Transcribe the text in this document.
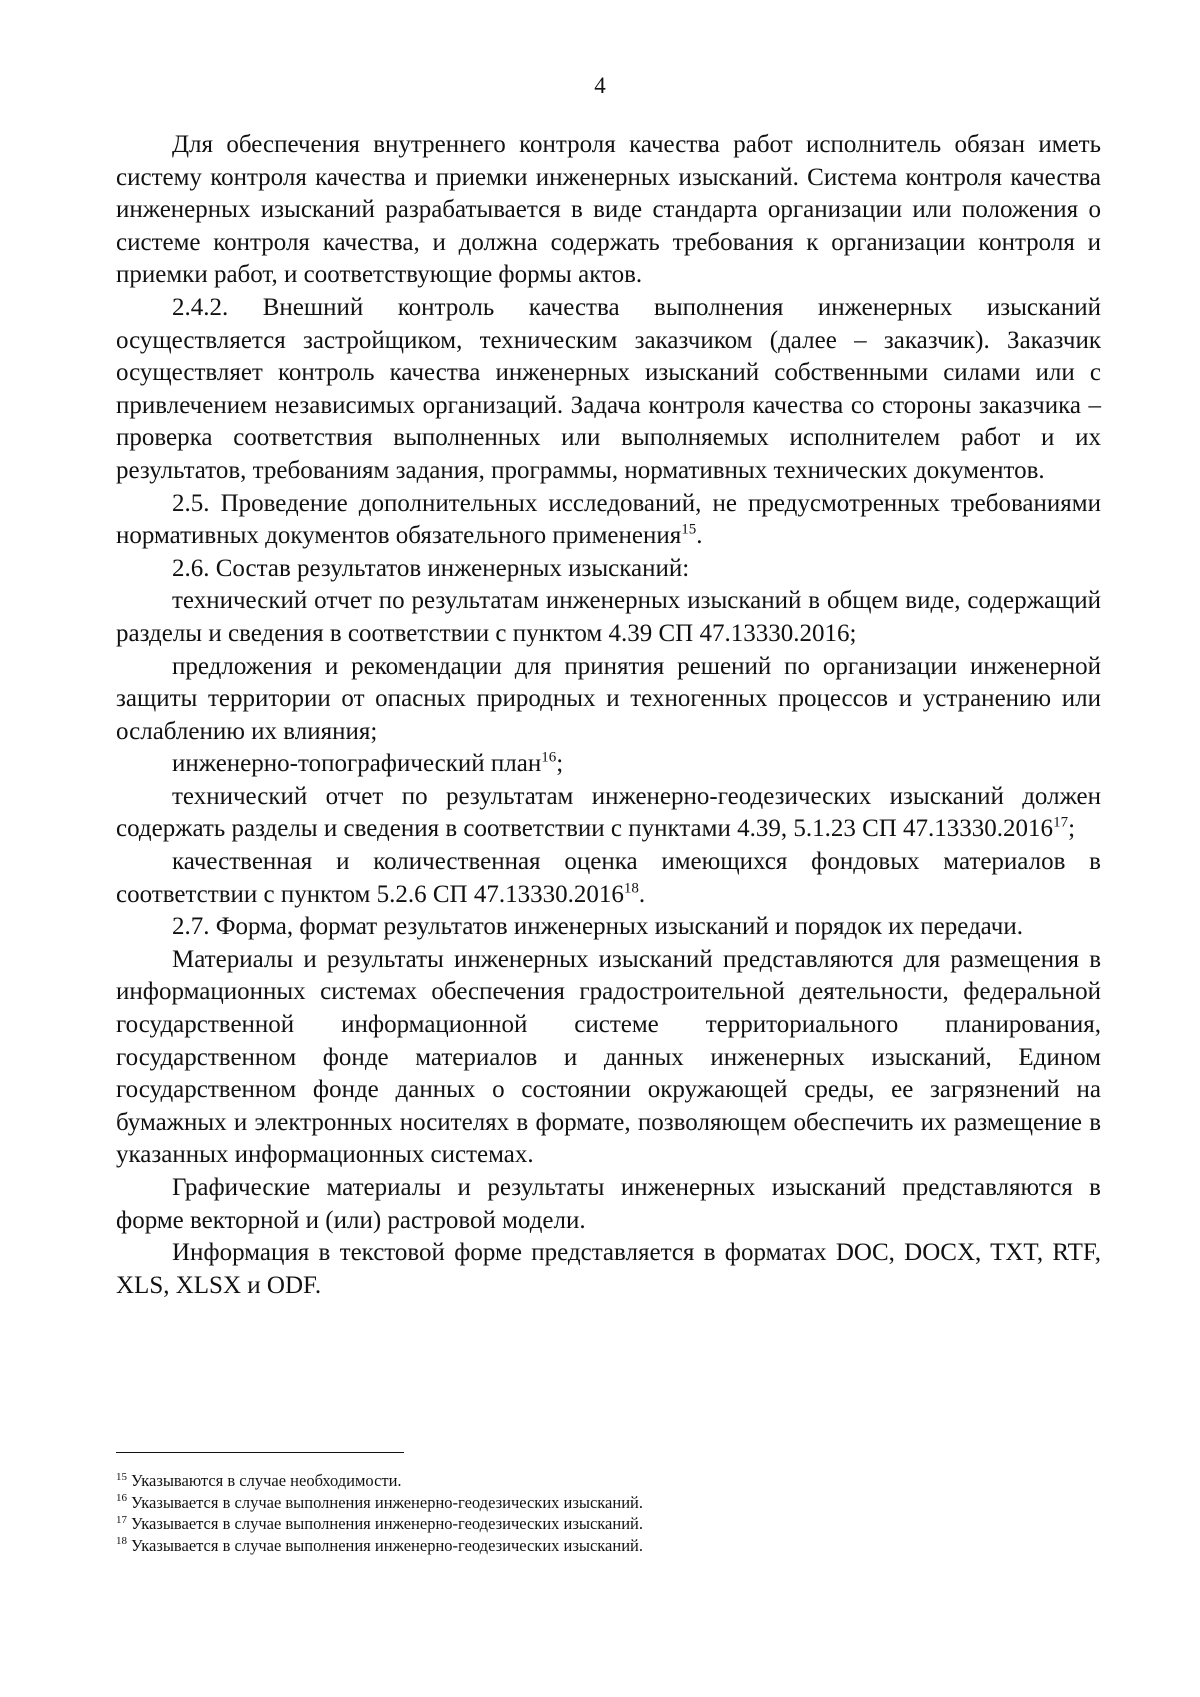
4

Для обеспечения внутреннего контроля качества работ исполнитель обязан иметь систему контроля качества и приемки инженерных изысканий. Система контроля качества инженерных изысканий разрабатывается в виде стандарта организации или положения о системе контроля качества, и должна содержать требования к организации контроля и приемки работ, и соответствующие формы актов.

2.4.2. Внешний контроль качества выполнения инженерных изысканий осуществляется застройщиком, техническим заказчиком (далее – заказчик). Заказчик осуществляет контроль качества инженерных изысканий собственными силами или с привлечением независимых организаций. Задача контроля качества со стороны заказчика – проверка соответствия выполненных или выполняемых исполнителем работ и их результатов, требованиям задания, программы, нормативных технических документов.

2.5. Проведение дополнительных исследований, не предусмотренных требованиями нормативных документов обязательного применения$^{15}$.

2.6. Состав результатов инженерных изысканий:

технический отчет по результатам инженерных изысканий в общем виде, содержащий разделы и сведения в соответствии с пунктом 4.39 СП 47.13330.2016;

предложения и рекомендации для принятия решений по организации инженерной защиты территории от опасных природных и техногенных процессов и устранению или ослаблению их влияния;

инженерно-топографический план$^{16}$;

технический отчет по результатам инженерно-геодезических изысканий должен содержать разделы и сведения в соответствии с пунктами 4.39, 5.1.23 СП 47.13330.2016$^{17}$;

качественная и количественная оценка имеющихся фондовых материалов в соответствии с пунктом 5.2.6 СП 47.13330.2016$^{18}$.

2.7. Форма, формат результатов инженерных изысканий и порядок их передачи.

Материалы и результаты инженерных изысканий представляются для размещения в информационных системах обеспечения градостроительной деятельности, федеральной государственной информационной системе территориального планирования, государственном фонде материалов и данных инженерных изысканий, Едином государственном фонде данных о состоянии окружающей среды, ее загрязнений на бумажных и электронных носителях в формате, позволяющем обеспечить их размещение в указанных информационных системах.

Графические материалы и результаты инженерных изысканий представляются в форме векторной и (или) растровой модели.

Информация в текстовой форме представляется в форматах DOC, DOCX, TXT, RTF, XLS, XLSX и ODF.

$^{15}$ Указываются в случае необходимости.

$^{16}$ Указывается в случае выполнения инженерно-геодезических изысканий.

$^{17}$ Указывается в случае выполнения инженерно-геодезических изысканий.

$^{18}$ Указывается в случае выполнения инженерно-геодезических изысканий.
